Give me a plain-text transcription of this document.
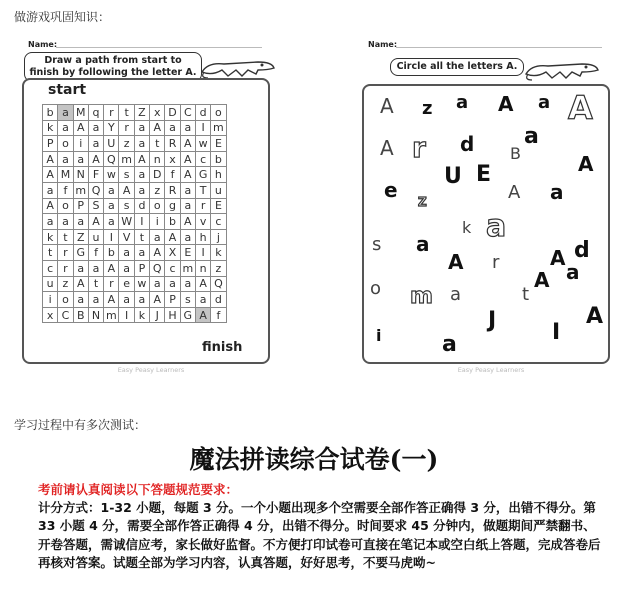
做游戏巩固知识：
Name:
Draw a path from start to finish by following the letter A.
start
b	a	M	q	r	t	Z	x	D	C	d	o
k	a	A	a	Y	r	a	A	a	a	I	m
P	o	i	a	U	z	a	t	R	A	w	E
A	a	a	A	Q	m	A	n	x	A	c	b
A	M	N	F	w	s	a	D	f	A	G	h
a	f	m	Q	a	A	a	z	R	a	T	u
A	o	P	S	a	s	d	o	g	a	r	E
a	a	a	A	a	W	I	i	b	A	v	c
k	t	Z	u	I	V	t	a	A	a	h	j
t	r	G	f	b	a	a	A	X	E	I	k
c	r	a	a	A	a	P	Q	c	m	n	z
u	z	A	t	r	e	w	a	a	a	A	Q
i	o	a	a	A	a	a	A	P	s	a	d
x	C	B	N	m	I	k	J	H	G	A	f
finish
Easy Peasy Learners
Name:
Circle all the letters A.
A z a A a A
A r d a
B	A
U E
A
e	a
Z
k a
A d
s a
A r
A a
o m a	t
J	I
A
i	a
Easy Peasy Learners
学习过程中有多次测试：
魔法拼读综合试卷(一)
考前请认真阅读以下答题规范要求：
计分方式：1-32 小题，每题 3 分。一个小题出现多个空需要全部作答正确得 3 分，出错不得分。第 33 小题 4 分，需要全部作答正确得 4 分，出错不得分。时间要求 45 分钟内，做题期间严禁翻书、开卷答题，需诚信应考，家长做好监督。不方便打印试卷可直接在笔记本或空白纸上答题，完成答卷后再核对答案。试题全部为学习内容，认真答题，好好思考，不要马虎呦~
